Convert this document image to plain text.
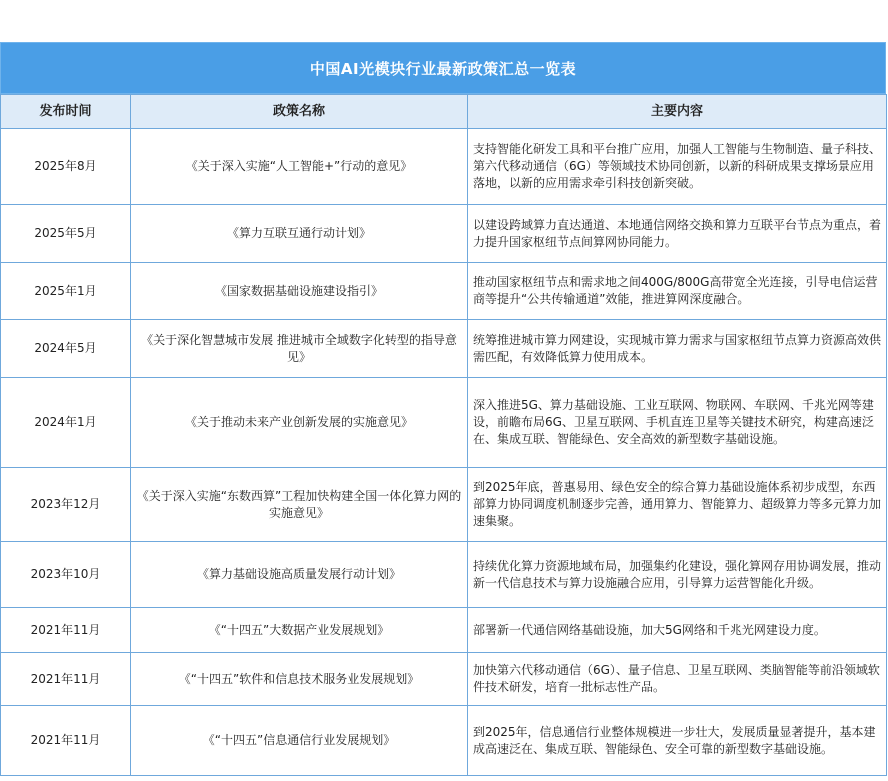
中国AI光模块行业最新政策汇总一览表
发布时间	政策名称	主要内容
2025年8月	《关于深入实施“人工智能+”行动的意见》	支持智能化研发工具和平台推广应用，加强人工智能与生物制造、量子科技、第六代移动通信（6G）等领域技术协同创新，以新的科研成果支撑场景应用落地，以新的应用需求牵引科技创新突破。
2025年5月	《算力互联互通行动计划》	以建设跨域算力直达通道、本地通信网络交换和算力互联平台节点为重点，着力提升国家枢纽节点间算网协同能力。
2025年1月	《国家数据基础设施建设指引》	推动国家枢纽节点和需求地之间400G/800G高带宽全光连接，引导电信运营商等提升“公共传输通道”效能，推进算网深度融合。
2024年5月	《关于深化智慧城市发展 推进城市全域数字化转型的指导意见》	统筹推进城市算力网建设，实现城市算力需求与国家枢纽节点算力资源高效供需匹配，有效降低算力使用成本。
2024年1月	《关于推动未来产业创新发展的实施意见》	深入推进5G、算力基础设施、工业互联网、物联网、车联网、千兆光网等建设，前瞻布局6G、卫星互联网、手机直连卫星等关键技术研究，构建高速泛在、集成互联、智能绿色、安全高效的新型数字基础设施。
2023年12月	《关于深入实施“东数西算”工程加快构建全国一体化算力网的实施意见》	到2025年底，普惠易用、绿色安全的综合算力基础设施体系初步成型，东西部算力协同调度机制逐步完善，通用算力、智能算力、超级算力等多元算力加速集聚。
2023年10月	《算力基础设施高质量发展行动计划》	持续优化算力资源地域布局，加强集约化建设，强化算网存用协调发展，推动新一代信息技术与算力设施融合应用，引导算力运营智能化升级。
2021年11月	《“十四五”大数据产业发展规划》	部署新一代通信网络基础设施，加大5G网络和千兆光网建设力度。
2021年11月	《“十四五”软件和信息技术服务业发展规划》	加快第六代移动通信（6G）、量子信息、卫星互联网、类脑智能等前沿领域软件技术研发，培育一批标志性产品。
2021年11月	《“十四五”信息通信行业发展规划》	到2025年，信息通信行业整体规模进一步壮大，发展质量显著提升，基本建成高速泛在、集成互联、智能绿色、安全可靠的新型数字基础设施。
